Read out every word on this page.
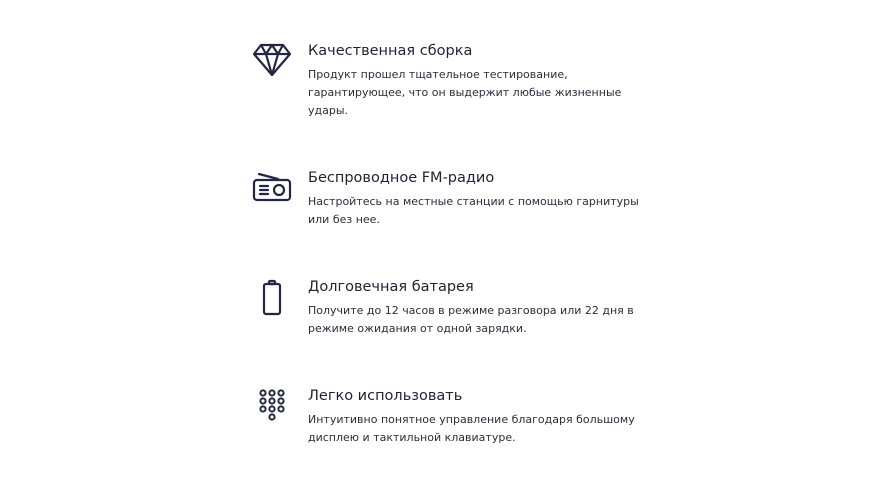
Качественная сборка

Продукт прошел тщательное тестирование, гарантирующее, что он выдержит любые жизненные удары.

Беспроводное FM-радио

Настройтесь на местные станции с помощью гарнитуры или без нее.

Долговечная батарея

Получите до 12 часов в режиме разговора или 22 дня в режиме ожидания от одной зарядки.

Легко использовать

Интуитивно понятное управление благодаря большому дисплею и тактильной клавиатуре.
